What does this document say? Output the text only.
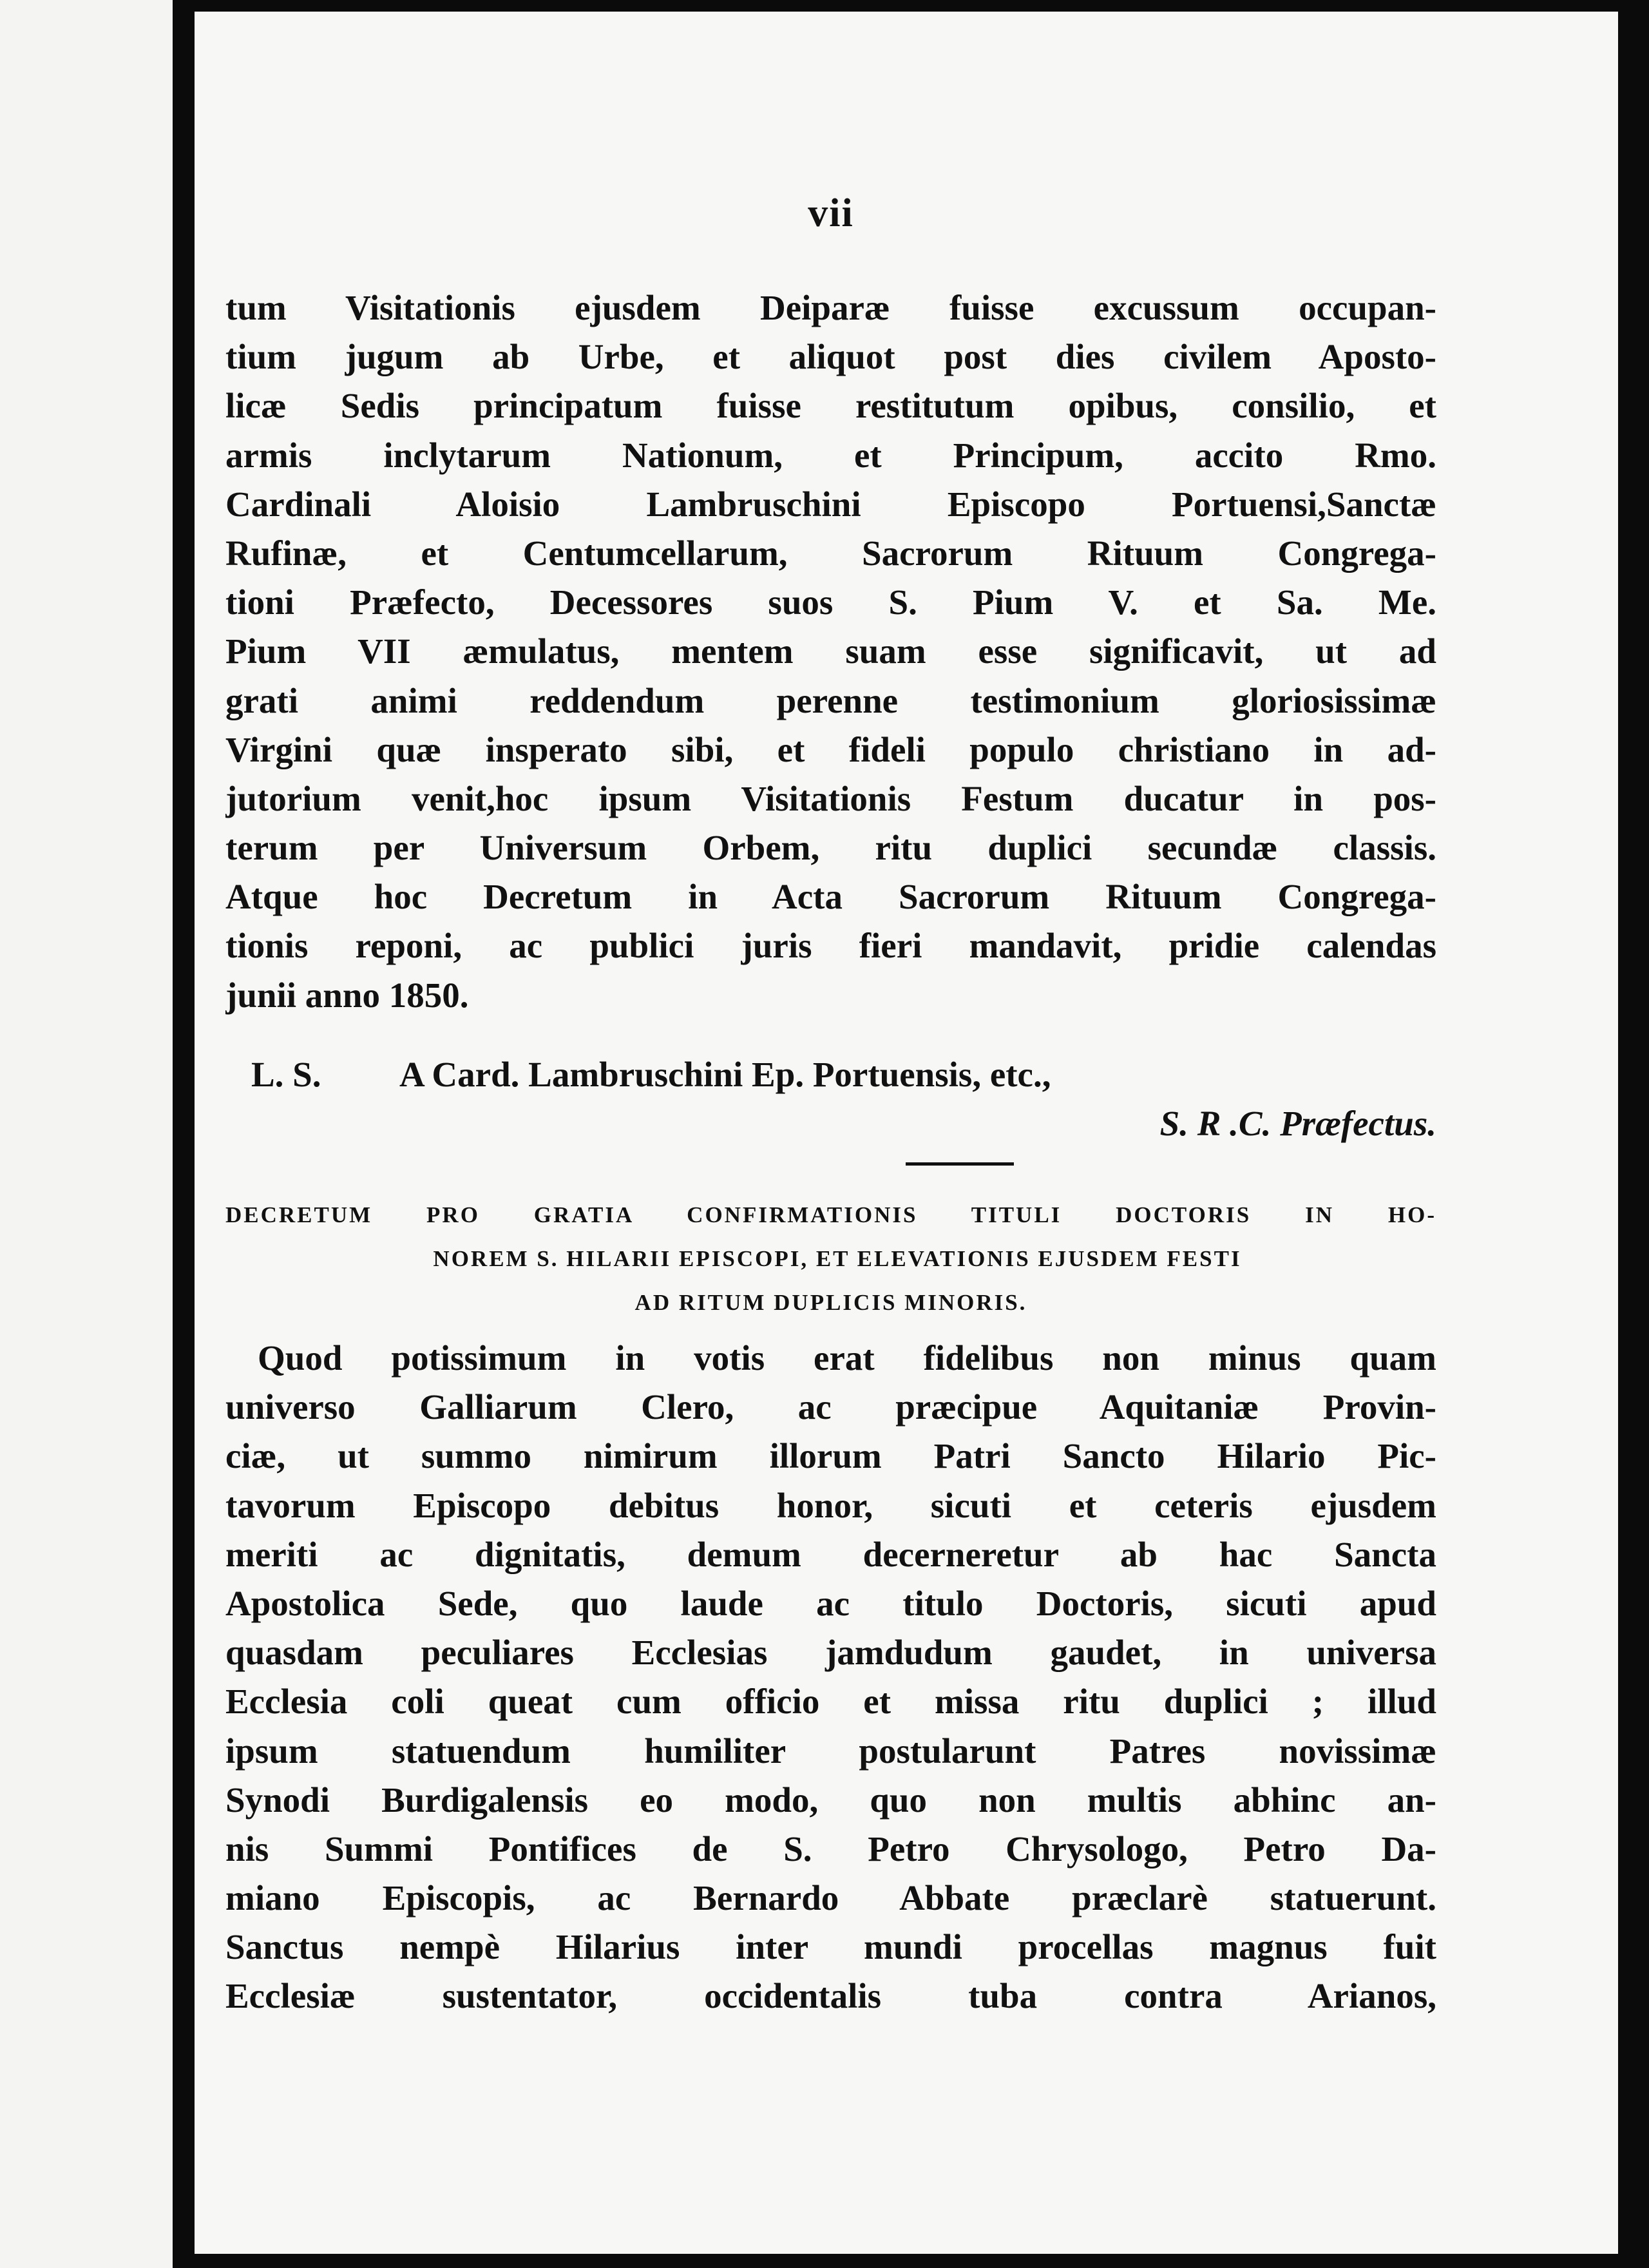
vii
tum Visitationis ejusdem Deiparæ fuisse excussum occupan-
tium jugum ab Urbe, et aliquot post dies civilem Aposto-
licæ Sedis principatum fuisse restitutum opibus, consilio, et
armis inclytarum Nationum, et Principum, accito Rmo.
Cardinali Aloisio Lambruschini Episcopo Portuensi,Sanctæ
Rufinæ, et Centumcellarum, Sacrorum Rituum Congrega-
tioni Præfecto, Decessores suos S. Pium V. et Sa. Me.
Pium VII æmulatus, mentem suam esse significavit, ut ad
grati animi reddendum perenne testimonium gloriosissimæ
Virgini quæ insperato sibi, et fideli populo christiano in ad-
jutorium venit,hoc ipsum Visitationis Festum ducatur in pos-
terum per Universum Orbem, ritu duplici secundæ classis.
Atque hoc Decretum in Acta Sacrorum Rituum Congrega-
tionis reponi, ac publici juris fieri mandavit, pridie calendas
junii anno 1850.
L. S. A Card. Lambruschini Ep. Portuensis, etc.,
S. R .C. Præfectus.
DECRETUM PRO GRATIA CONFIRMATIONIS TITULI DOCTORIS IN HO-
NOREM S. HILARII EPISCOPI, ET ELEVATIONIS EJUSDEM FESTI
AD RITUM DUPLICIS MINORIS.
Quod potissimum in votis erat fidelibus non minus quam
universo Galliarum Clero, ac præcipue Aquitaniæ Provin-
ciæ, ut summo nimirum illorum Patri Sancto Hilario Pic-
tavorum Episcopo debitus honor, sicuti et ceteris ejusdem
meriti ac dignitatis, demum decerneretur ab hac Sancta
Apostolica Sede, quo laude ac titulo Doctoris, sicuti apud
quasdam peculiares Ecclesias jamdudum gaudet, in universa
Ecclesia coli queat cum officio et missa ritu duplici ; illud
ipsum statuendum humiliter postularunt Patres novissimæ
Synodi Burdigalensis eo modo, quo non multis abhinc an-
nis Summi Pontifices de S. Petro Chrysologo, Petro Da-
miano Episcopis, ac Bernardo Abbate præclarè statuerunt.
Sanctus nempè Hilarius inter mundi procellas magnus fuit
Ecclesiæ sustentator, occidentalis tuba contra Arianos,
